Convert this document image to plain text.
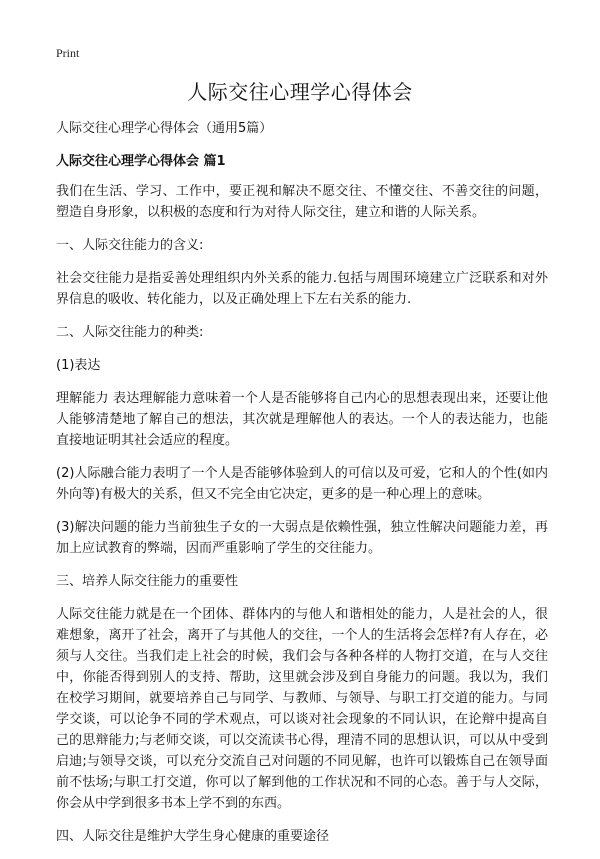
Print
人际交往心理学心得体会

人际交往心理学心得体会（通用5篇）

人际交往心理学心得体会 篇1

我们在生活、学习、工作中，要正视和解决不愿交往、不懂交往、不善交往的问题，塑造自身形象，以积极的态度和行为对待人际交往，建立和谐的人际关系。

一、人际交往能力的含义:

社会交往能力是指妥善处理组织内外关系的能力.包括与周围环境建立广泛联系和对外界信息的吸收、转化能力，以及正确处理上下左右关系的能力.

二、人际交往能力的种类:

(1)表达

理解能力 表达理解能力意味着一个人是否能够将自己内心的思想表现出来，还要让他人能够清楚地了解自己的想法，其次就是理解他人的表达。一个人的表达能力，也能直接地证明其社会适应的程度。

(2)人际融合能力表明了一个人是否能够体验到人的可信以及可爱，它和人的个性(如内外向等)有极大的关系，但又不完全由它决定，更多的是一种心理上的意味。

(3)解决问题的能力当前独生子女的一大弱点是依赖性强，独立性解决问题能力差，再加上应试教育的弊端，因而严重影响了学生的交往能力。

三、培养人际交往能力的重要性

人际交往能力就是在一个团体、群体内的与他人和谐相处的能力，人是社会的人，很难想象，离开了社会，离开了与其他人的交往，一个人的生活将会怎样?有人存在，必须与人交往。当我们走上社会的时候，我们会与各种各样的人物打交道，在与人交往中，你能否得到别人的支持、帮助，这里就会涉及到自身能力的问题。我以为，我们在校学习期间，就要培养自己与同学、与教师、与领导、与职工打交道的能力。与同学交谈，可以论争不同的学术观点，可以谈对社会现象的不同认识，在论辩中提高自己的思辩能力;与老师交谈，可以交流读书心得，理清不同的思想认识，可以从中受到启迪;与领导交谈，可以充分交流自己对问题的不同见解，也许可以锻炼自己在领导面前不怯场;与职工打交道，你可以了解到他的工作状况和不同的心态。善于与人交际，你会从中学到很多书本上学不到的东西。

四、人际交往是维护大学生身心健康的重要途径
